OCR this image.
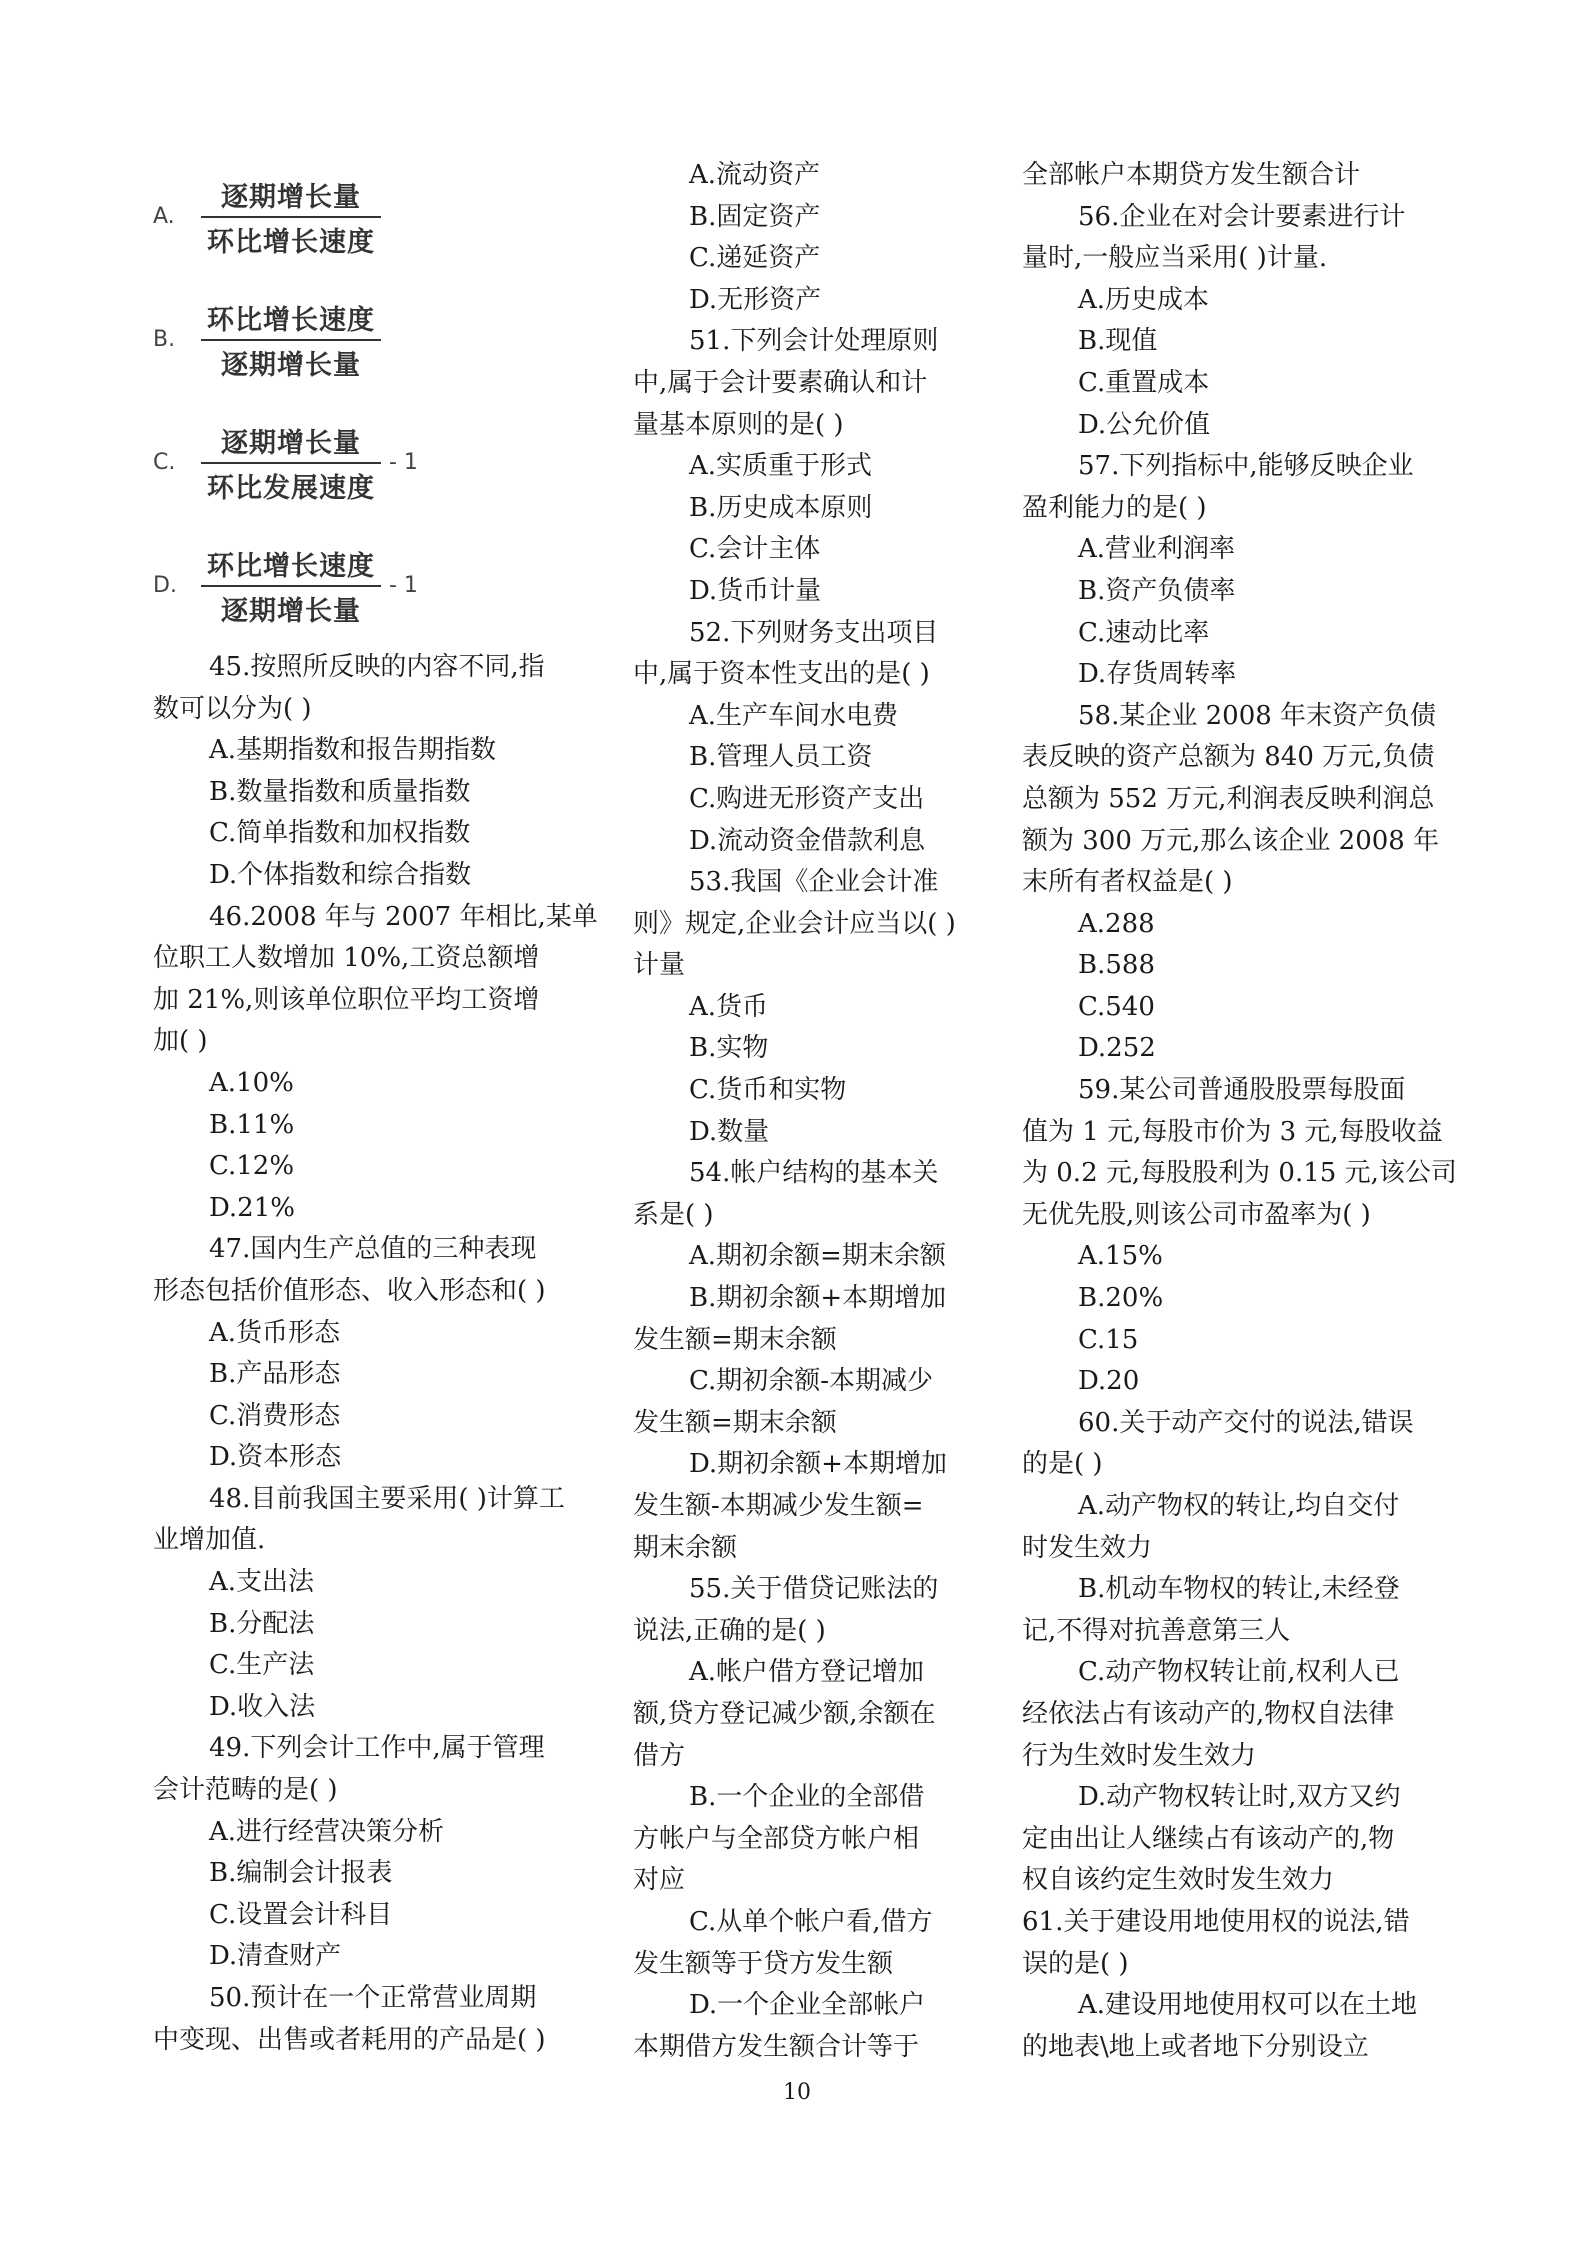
A. $\frac{\text{逐期增长量}}{\text{环比增长速度}}$
B. $\frac{\text{环比增长速度}}{\text{逐期增长量}}$
C. $\frac{\text{逐期增长量}}{\text{环比发展速度}} - 1$
D. $\frac{\text{环比增长速度}}{\text{逐期增长量}} - 1$
45.按照所反映的内容不同,指
数可以分为( )
A.基期指数和报告期指数
B.数量指数和质量指数
C.简单指数和加权指数
D.个体指数和综合指数
46.2008 年与 2007 年相比,某单
位职工人数增加 10%,工资总额增
加 21%,则该单位职位平均工资增
加( )
A.10%
B.11%
C.12%
D.21%
47.国内生产总值的三种表现
形态包括价值形态、收入形态和( )
A.货币形态
B.产品形态
C.消费形态
D.资本形态
48.目前我国主要采用( )计算工
业增加值.
A.支出法
B.分配法
C.生产法
D.收入法
49.下列会计工作中,属于管理
会计范畴的是( )
A.进行经营决策分析
B.编制会计报表
C.设置会计科目
D.清查财产
50.预计在一个正常营业周期
中变现、出售或者耗用的产品是( )
A.流动资产
B.固定资产
C.递延资产
D.无形资产
51.下列会计处理原则
中,属于会计要素确认和计
量基本原则的是( )
A.实质重于形式
B.历史成本原则
C.会计主体
D.货币计量
52.下列财务支出项目
中,属于资本性支出的是( )
A.生产车间水电费
B.管理人员工资
C.购进无形资产支出
D.流动资金借款利息
53.我国《企业会计准
则》规定,企业会计应当以( )
计量
A.货币
B.实物
C.货币和实物
D.数量
54.帐户结构的基本关
系是( )
A.期初余额=期末余额
B.期初余额+本期增加
发生额=期末余额
C.期初余额-本期减少
发生额=期末余额
D.期初余额+本期增加
发生额-本期减少发生额=
期末余额
55.关于借贷记账法的
说法,正确的是( )
A.帐户借方登记增加
额,贷方登记减少额,余额在
借方
B.一个企业的全部借
方帐户与全部贷方帐户相
对应
C.从单个帐户看,借方
发生额等于贷方发生额
D.一个企业全部帐户
本期借方发生额合计等于
全部帐户本期贷方发生额合计
56.企业在对会计要素进行计
量时,一般应当采用( )计量.
A.历史成本
B.现值
C.重置成本
D.公允价值
57.下列指标中,能够反映企业
盈利能力的是( )
A.营业利润率
B.资产负债率
C.速动比率
D.存货周转率
58.某企业 2008 年末资产负债
表反映的资产总额为 840 万元,负债
总额为 552 万元,利润表反映利润总
额为 300 万元,那么该企业 2008 年
末所有者权益是( )
A.288
B.588
C.540
D.252
59.某公司普通股股票每股面
值为 1 元,每股市价为 3 元,每股收益
为 0.2 元,每股股利为 0.15 元,该公司
无优先股,则该公司市盈率为( )
A.15%
B.20%
C.15
D.20
60.关于动产交付的说法,错误
的是( )
A.动产物权的转让,均自交付
时发生效力
B.机动车物权的转让,未经登
记,不得对抗善意第三人
C.动产物权转让前,权利人已
经依法占有该动产的,物权自法律
行为生效时发生效力
D.动产物权转让时,双方又约
定由出让人继续占有该动产的,物
权自该约定生效时发生效力
61.关于建设用地使用权的说法,错
误的是( )
A.建设用地使用权可以在土地
的地表\地上或者地下分别设立
10
